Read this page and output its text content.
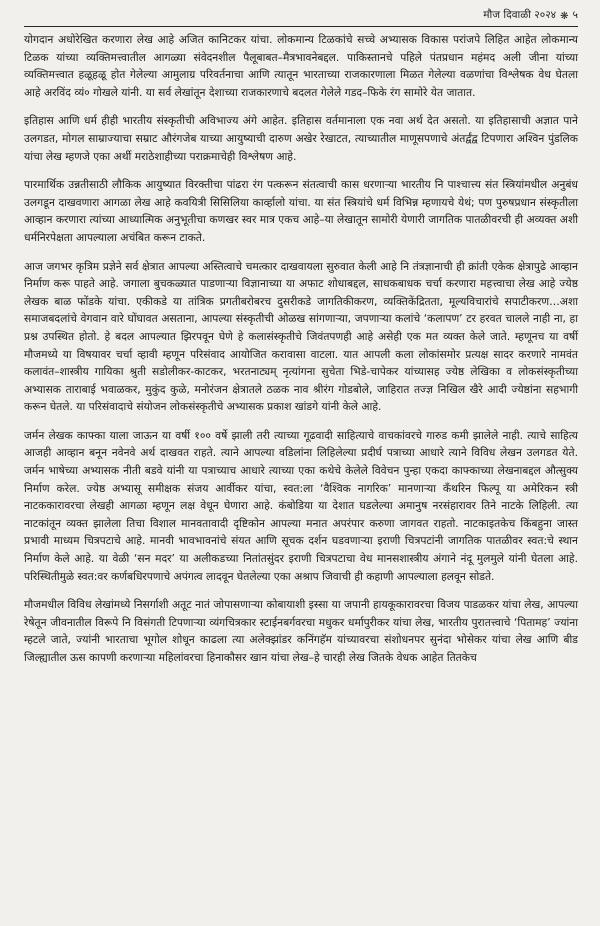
मौज दिवाळी २०२४ ❋ ५

योगदान अधोरेखित करणारा लेख आहे अजित कानिटकर यांचा. लोकमान्य टिळकांचे सच्चे अभ्यासक विकास परांजपे लिहित आहेत लोकमान्य टिळक यांच्या व्यक्तिमत्त्वातील आगळ्या संवेदनशील पैलूबाबत–मैत्रभावनेबद्दल. पाकिस्तानचे पहिले पंतप्रधान महंमद अली जीना यांच्या व्यक्तिमत्त्वात हळूहळू होत गेलेल्या आमुलाग्र परिवर्तनाचा आणि त्यातून भारताच्या राजकारणाला मिळत गेलेल्या वळणांचा विश्लेषक वेध घेतला आहे अरविंद व्यं० गोखले यांनी. या सर्व लेखांतून देशाच्या राजकारणाचे बदलत गेलेले गडद–फिके रंग सामोरे येत जातात.

इतिहास आणि धर्म हीही भारतीय संस्कृतीची अविभाज्य अंगे आहेत. इतिहास वर्तमानाला एक नवा अर्थ देत असतो. या इतिहासाची अज्ञात पाने उलगडत, मोगल साम्राज्याचा सम्राट औरंगजेब याच्या आयुष्याची दारुण अखेर रेखाटत, त्याच्यातील माणूसपणाचे अंतर्द्वंद्व टिपणारा अश्विन पुंडलिक यांचा लेख म्हणजे एका अर्थी मराठेशाहीच्या पराक्रमाचेही विश्लेषण आहे.

पारमार्थिक उन्नतीसाठी लौकिक आयुष्यात विरक्तीचा पांढरा रंग पत्करून संतत्वाची कास धरणाऱ्या भारतीय नि पाश्चात्त्य संत स्त्रियांमधील अनुबंध उलगडून दाखवणारा आगळा लेख आहे कवयित्री सिसिलिया कार्व्हालो यांचा. या संत स्त्रियांचे धर्म विभिन्न म्हणायचे येथं; पण पुरुषप्रधान संस्कृतीला आव्हान करणारा त्यांच्या आध्यात्मिक अनुभूतीचा कणखर स्वर मात्र एकच आहे–या लेखातून सामोरी येणारी जागतिक पातळीवरची ही अव्यक्त अशी धर्मनिरपेक्षता आपल्याला अचंबित करून टाकते.

आज जगभर कृत्रिम प्रज्ञेने सर्व क्षेत्रात आपल्या अस्तित्वाचे चमत्कार दाखवायला सुरुवात केली आहे नि तंत्रज्ञानाची ही क्रांती एकेक क्षेत्रापुढे आव्हान निर्माण करू पाहते आहे. जगाला बुचकळ्यात पाडणाऱ्या विज्ञानाच्या या अफाट शोधाबद्दल, साधकबाधक चर्चा करणारा महत्त्वाचा लेख आहे ज्येष्ठ लेखक बाळ फोंडके यांचा. एकीकडे या तांत्रिक प्रगतीबरोबरच दुसरीकडे जागतिकीकरण, व्यक्तिकेंद्रितता, मूल्यविचारांचे सपाटीकरण…अशा समाजबदलांचे वेगवान वारे घोंघावत असताना, आपल्या संस्कृतीची ओळख सांगणाऱ्या, जपणाऱ्या कलांचे ‘कलापण’ टर हरवत चालले नाही ना, हा प्रश्न उपस्थित होतो. हे बदल आपल्यात झिरपवून घेणे हे कलासंस्कृतीचे जिवंतपणही आहे असेही एक मत व्यक्त केले जाते. म्हणूनच या वर्षी मौजमध्ये या विषयावर चर्चा व्हावी म्हणून परिसंवाद आयोजित करावासा वाटला. यात आपली कला लोकांसमोर प्रत्यक्ष सादर करणारे नामवंत कलावंत–शास्त्रीय गायिका श्रुती सडोलीकर-काटकर, भरतनाट्यम् नृत्यांगना सुचेता भिडे-चापेकर यांच्यासह ज्येष्ठ लेखिका व लोकसंस्कृतीच्या अभ्यासक ताराबाई भवाळकर, मुकुंद कुळे, मनोरंजन क्षेत्रातले ठळक नाव श्रीरंग गोडबोले, जाहिरात तज्ज्ञ निखिल खैरे आदी ज्येष्ठांना सहभागी करून घेतले. या परिसंवादाचे संयोजन लोकसंस्कृतीचे अभ्यासक प्रकाश खांडगे यांनी केले आहे.

जर्मन लेखक काफ्का याला जाऊन या वर्षी १०० वर्षे झाली तरी त्याच्या गूढवादी साहित्याचे वाचकांवरचे गारुड कमी झालेले नाही. त्याचे साहित्य आजही आव्हान बनून नवेनवे अर्थ दाखवत राहते. त्याने आपल्या वडिलांना लिहिलेल्या प्रदीर्घ पत्राच्या आधारे त्याने विविध लेखन उलगडत येते. जर्मन भाषेच्या अभ्यासक नीती बडवे यांनी या पत्राच्याच आधारे त्याच्या एका कथेचे केलेले विवेचन पुन्हा एकदा काफ्काच्या लेखनाबद्दल औत्सुक्य निर्माण करेल. ज्येष्ठ अभ्यासू समीक्षक संजय आर्वीकर यांचा, स्वत:ला ‘वैश्विक नागरिक’ मानणाऱ्या कँथरिन फिल्पू या अमेरिकन स्त्री नाटककारावरचा लेखही आगळा म्हणून लक्ष वेधून घेणारा आहे. कंबोडिया या देशात घडलेल्या अमानुष नरसंहारावर तिने नाटके लिहिली. त्या नाटकांतून व्यक्त झालेला तिचा विशाल मानवतावादी दृष्टिकोन आपल्या मनात अपरंपार करुणा जागवत राहतो. नाटकाइतकेच किंबहुना जास्त प्रभावी माध्यम चित्रपटाचे आहे. मानवी भावभावनांचे संयत आणि सूचक दर्शन घडवणाऱ्या इराणी चित्रपटांनी जागतिक पातळीवर स्वत:चे स्थान निर्माण केले आहे. या वेळी ‘सन मदर’ या अलीकडच्या नितांतसुंदर इराणी चित्रपटाचा वेध मानसशास्त्रीय अंगाने नंदू मुलमुले यांनी घेतला आहे. परिस्थितीमुळे स्वत:वर कर्णबधिरपणाचे अपंगत्व लादवून घेतलेल्या एका अश्राप जिवाची ही कहाणी आपल्याला हलवून सोडते.

मौजमधील विविध लेखांमध्ये निसर्गाशी अतूट नातं जोपासणाऱ्या कोबायाशी इस्सा या जपानी हायकूकारावरचा विजय पाडळकर यांचा लेख, आपल्या रेषेतून जीवनातील विरूपे नि विसंगती टिपणाऱ्या व्यंगचित्रकार स्टाईनबर्गवरचा मधुकर धर्मापुरीकर यांचा लेख, भारतीय पुरातत्त्वाचे ‘पितामह’ ज्यांना म्हटले जाते, ज्यांनी भारताचा भूगोल शोधून काढला त्या अलेक्झांडर कनिंगहॅम यांच्यावरचा संशोधनपर सुनंदा भोसेकर यांचा लेख आणि बीड जिल्ह्यातील ऊस कापणी करणाऱ्या महिलांवरचा हिनाकौसर खान यांचा लेख–हे चारही लेख जितके वेधक आहेत तितकेच
